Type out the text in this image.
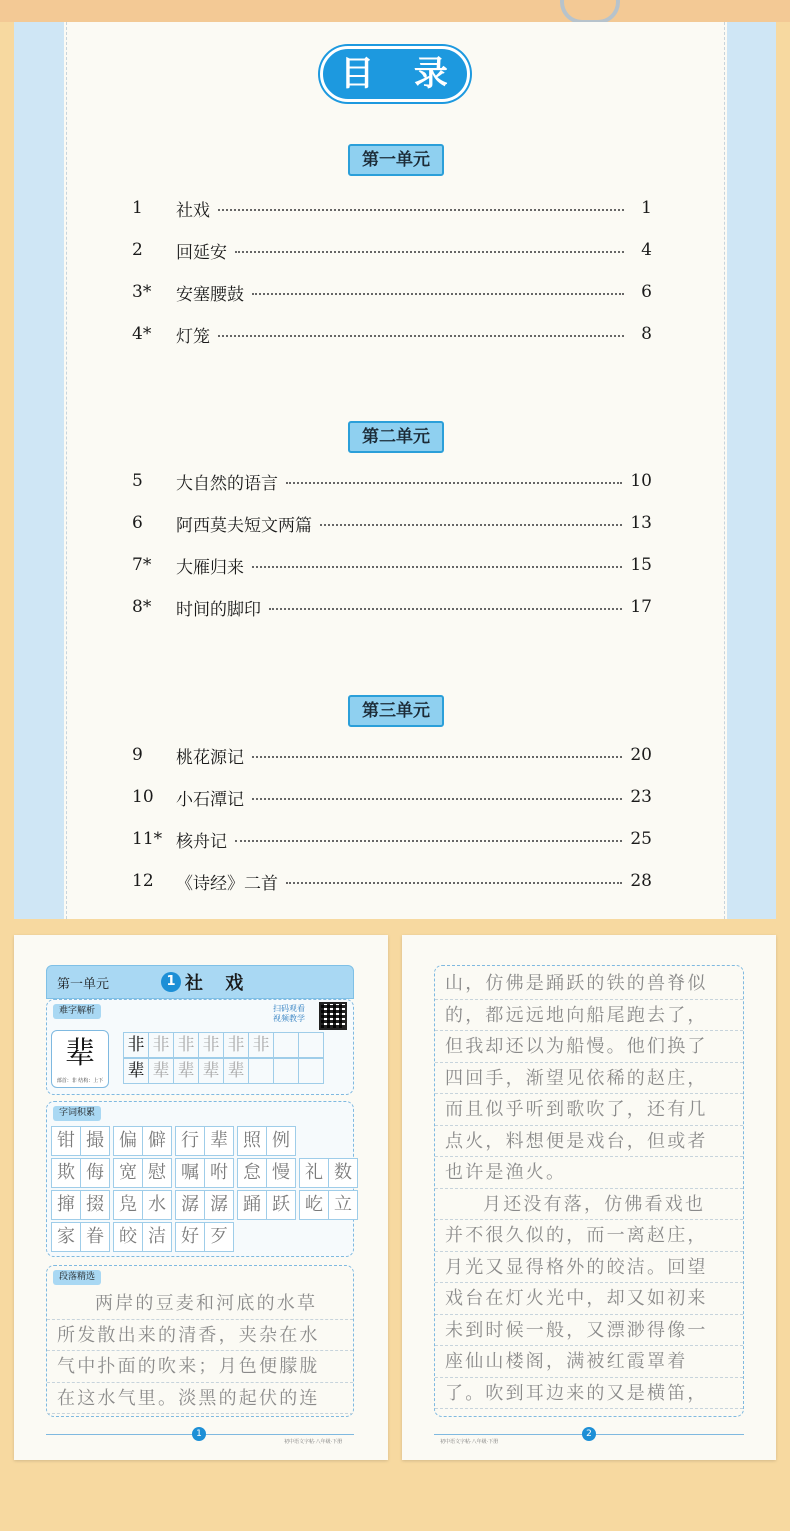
目 录
第一单元
1	社戏	1
2	回延安	4
3*	安塞腰鼓	6
4*	灯笼	8
第二单元
5	大自然的语言	10
6	阿西莫夫短文两篇	13
7*	大雁归来	15
8*	时间的脚印	17
第三单元
9	桃花源记	20
10	小石潭记	23
11* 核舟记	25
12	《诗经》二首	28
第一单元	1 社 戏
难字解析	扫码观看
视频教学
辈
部首：非 结构：上下
非 非 非 非 非 非
辈 辈 辈 辈 辈
字词积累
钳 撮 偏 僻 行 辈 照 例
欺 侮 宽 慰 嘱 咐 怠 慢 礼 数
撺 掇 凫 水 潺 潺 踊 跃 屹 立
家 眷 皎 洁 好 歹
段落精选
两岸的豆麦和河底的水草
所发散出来的清香，夹杂在水
气中扑面的吹来；月色便朦胧
在这水气里。淡黑的起伏的连
1
初中语文字帖·八年级·下册
山，仿佛是踊跃的铁的兽脊似
的，都远远地向船尾跑去了，
但我却还以为船慢。他们换了
四回手，渐望见依稀的赵庄，
而且似乎听到歌吹了，还有几
点火，料想便是戏台，但或者
也许是渔火。
月还没有落，仿佛看戏也
并不很久似的，而一离赵庄，
月光又显得格外的皎洁。回望
戏台在灯火光中，却又如初来
未到时候一般，又漂渺得像一
座仙山楼阁，满被红霞罩着
了。吹到耳边来的又是横笛，
2
初中语文字帖·八年级·下册
